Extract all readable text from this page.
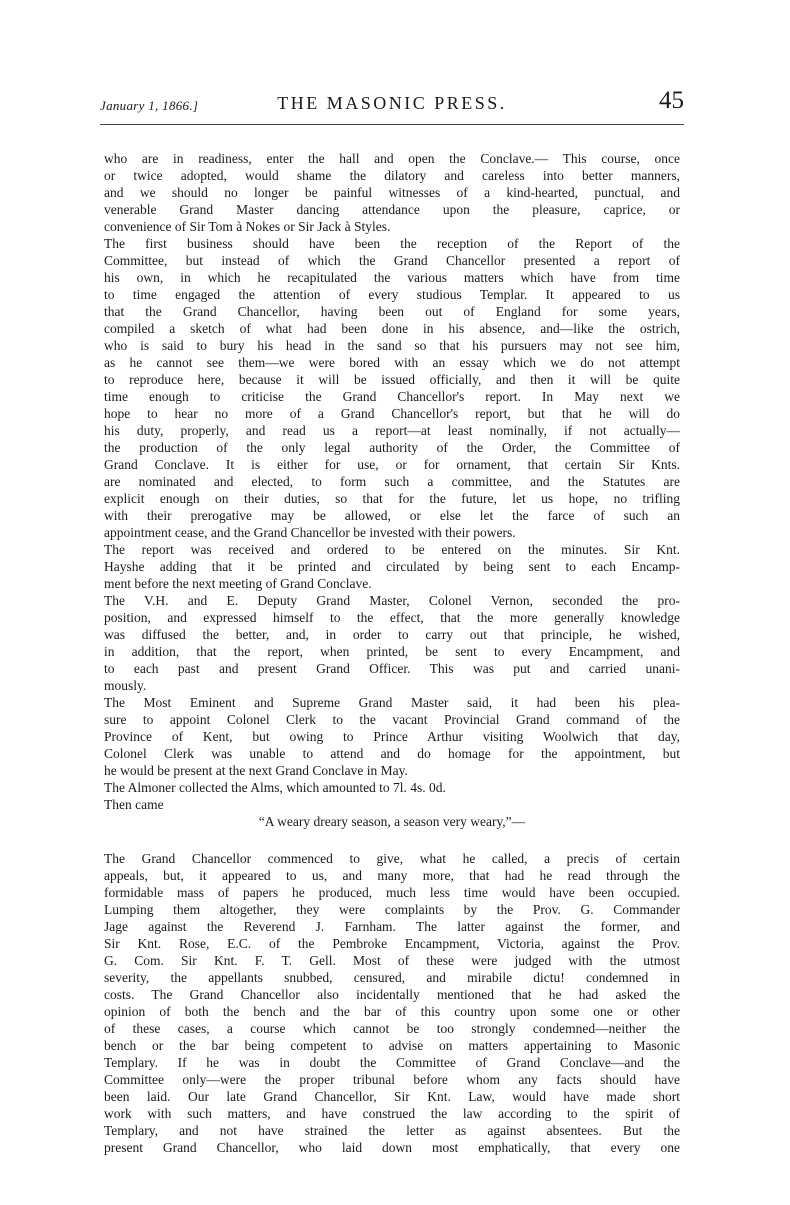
January 1, 1866.]	THE MASONIC PRESS.	45
who are in readiness, enter the hall and open the Conclave.— This course, once
or twice adopted, would shame the dilatory and careless into better manners,
and we should no longer be painful witnesses of a kind-hearted, punctual, and
venerable Grand Master dancing attendance upon the pleasure, caprice, or
convenience of Sir Tom à Nokes or Sir Jack à Styles.
The first business should have been the reception of the Report of the
Committee, but instead of which the Grand Chancellor presented a report of
his own, in which he recapitulated the various matters which have from time
to time engaged the attention of every studious Templar. It appeared to us
that the Grand Chancellor, having been out of England for some years,
compiled a sketch of what had been done in his absence, and—like the ostrich,
who is said to bury his head in the sand so that his pursuers may not see him,
as he cannot see them—we were bored with an essay which we do not attempt
to reproduce here, because it will be issued officially, and then it will be quite
time enough to criticise the Grand Chancellor's report. In May next we
hope to hear no more of a Grand Chancellor's report, but that he will do
his duty, properly, and read us a report—at least nominally, if not actually—
the production of the only legal authority of the Order, the Committee of
Grand Conclave. It is either for use, or for ornament, that certain Sir Knts.
are nominated and elected, to form such a committee, and the Statutes are
explicit enough on their duties, so that for the future, let us hope, no trifling
with their prerogative may be allowed, or else let the farce of such an
appointment cease, and the Grand Chancellor be invested with their powers.
The report was received and ordered to be entered on the minutes. Sir Knt.
Hayshe adding that it be printed and circulated by being sent to each Encamp-
ment before the next meeting of Grand Conclave.
The V.H. and E. Deputy Grand Master, Colonel Vernon, seconded the pro-
position, and expressed himself to the effect, that the more generally knowledge
was diffused the better, and, in order to carry out that principle, he wished,
in addition, that the report, when printed, be sent to every Encampment, and
to each past and present Grand Officer. This was put and carried unani-
mously.
The Most Eminent and Supreme Grand Master said, it had been his plea-
sure to appoint Colonel Clerk to the vacant Provincial Grand command of the
Province of Kent, but owing to Prince Arthur visiting Woolwich that day,
Colonel Clerk was unable to attend and do homage for the appointment, but
he would be present at the next Grand Conclave in May.
The Almoner collected the Alms, which amounted to 7l. 4s. 0d.
Then came
“A weary dreary season, a season very weary,”—
The Grand Chancellor commenced to give, what he called, a precis of certain
appeals, but, it appeared to us, and many more, that had he read through the
formidable mass of papers he produced, much less time would have been occupied.
Lumping them altogether, they were complaints by the Prov. G. Commander
Jage against the Reverend J. Farnham. The latter against the former, and
Sir Knt. Rose, E.C. of the Pembroke Encampment, Victoria, against the Prov.
G. Com. Sir Knt. F. T. Gell. Most of these were judged with the utmost
severity, the appellants snubbed, censured, and mirabile dictu! condemned in
costs. The Grand Chancellor also incidentally mentioned that he had asked the
opinion of both the bench and the bar of this country upon some one or other
of these cases, a course which cannot be too strongly condemned—neither the
bench or the bar being competent to advise on matters appertaining to Masonic
Templary. If he was in doubt the Committee of Grand Conclave—and the
Committee only—were the proper tribunal before whom any facts should have
been laid. Our late Grand Chancellor, Sir Knt. Law, would have made short
work with such matters, and have construed the law according to the spirit of
Templary, and not have strained the letter as against absentees. But the
present Grand Chancellor, who laid down most emphatically, that every one
